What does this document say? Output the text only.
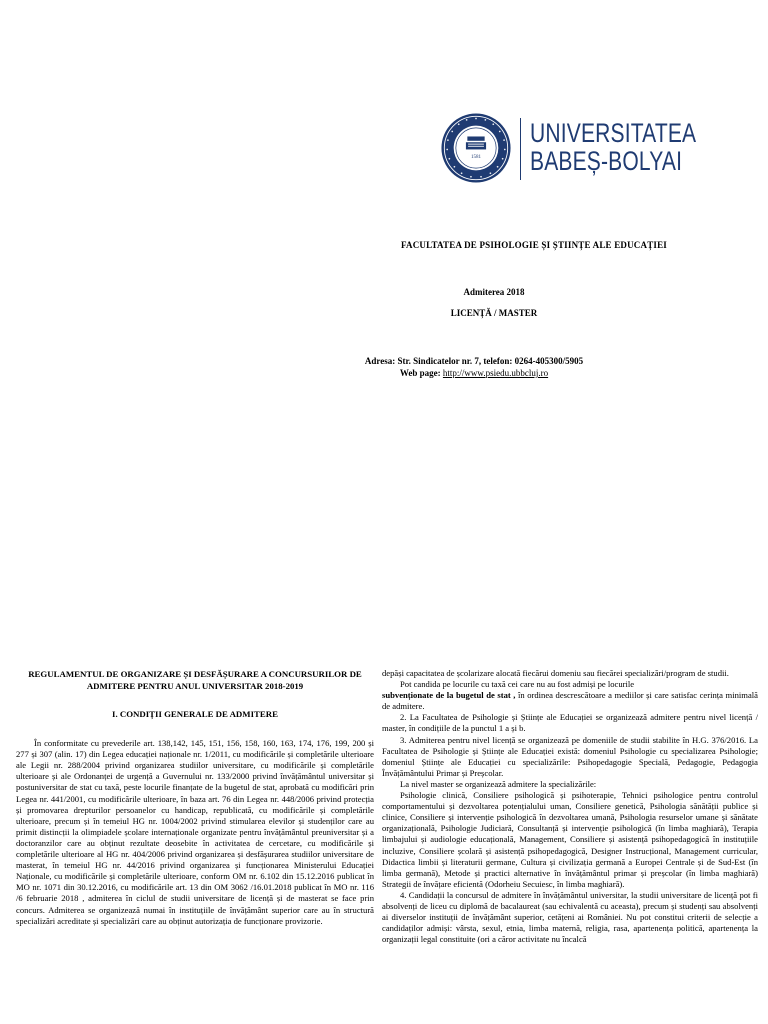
1581
UNIVERSITATEA
BABEȘ-BOLYAI
FACULTATEA DE PSIHOLOGIE ȘI ȘTIINȚE ALE EDUCAȚIEI
Admiterea 2018
LICENȚĂ / MASTER
Adresa: Str. Sindicatelor nr. 7, telefon: 0264-405300/5905
Web page: http://www.psiedu.ubbcluj.ro
REGULAMENTUL DE ORGANIZARE ȘI DESFĂȘURARE A CONCURSURILOR DE ADMITERE PENTRU ANUL UNIVERSITAR 2018-2019
I. CONDIȚII GENERALE DE ADMITERE

În conformitate cu prevederile art. 138,142, 145, 151, 156, 158, 160, 163, 174, 176, 199, 200 și 277 și 307 (alin. 17) din Legea educației naționale nr. 1/2011, cu modificările și completările ulterioare ale Legii nr. 288/2004 privind organizarea studiilor universitare, cu modificările și completările ulterioare și ale Ordonanței de urgență a Guvernului nr. 133/2000 privind învățământul universitar și postuniversitar de stat cu taxă, peste locurile finanțate de la bugetul de stat, aprobată cu modificări prin Legea nr. 441/2001, cu modificările ulterioare, în baza art. 76 din Legea nr. 448/2006 privind protecția și promovarea drepturilor persoanelor cu handicap, republicată, cu modificările și completările ulterioare, precum și în temeiul HG nr. 1004/2002 privind stimularea elevilor și studenților care au primit distincții la olimpiadele școlare internaționale organizate pentru învățământul preuniversitar și a doctoranzilor care au obținut rezultate deosebite în activitatea de cercetare, cu modificările și completările ulterioare al HG nr. 404/2006 privind organizarea și desfășurarea studiilor universitare de masterat, în temeiul HG nr. 44/2016 privind organizarea și funcționarea Ministerului Educației Naționale, cu modificările și completările ulterioare, conform OM nr. 6.102 din 15.12.2016 publicat în MO nr. 1071 din 30.12.2016, cu modificările art. 13 din OM 3062 /16.01.2018 publicat în MO nr. 116 /6 februarie 2018 , admiterea în ciclul de studii universitare de licență și de masterat se face prin concurs. Admiterea se organizează numai în instituțiile de învățământ superior care au în structură specializări acreditate și specializări care au obținut autorizația de funcționare provizorie.

depăși capacitatea de școlarizare alocată fiecărui domeniu sau fiecărei specializări/program de studii.

Pot candida pe locurile cu taxă cei care nu au fost admiși pe locurile
subvenționate de la bugetul de stat , în ordinea descrescătoare a mediilor și care satisfac cerința minimală de admitere.

2. La Facultatea de Psihologie și Științe ale Educației se organizează admitere pentru nivel licență / master, în condițiile de la punctul 1 a și b.

3. Admiterea pentru nivel licență se organizează pe domeniile de studii stabilite în H.G. 376/2016. La Facultatea de Psihologie și Științe ale Educației există: domeniul Psihologie cu specializarea Psihologie; domeniul Științe ale Educației cu specializările: Psihopedagogie Specială, Pedagogie, Pedagogia Învățământului Primar și Preșcolar.

La nivel master se organizează admitere la specializările:

Psihologie clinică, Consiliere psihologică și psihoterapie, Tehnici psihologice pentru controlul comportamentului și dezvoltarea potențialului uman, Consiliere genetică, Psihologia sănătății publice și clinice, Consiliere și intervenție psihologică în dezvoltarea umană, Psihologia resurselor umane și sănătate organizațională, Psihologie Judiciară, Consultanță și intervenție psihologică (în limba maghiară), Terapia limbajului și audiologie educațională, Management, Consiliere și asistență psihopedagogică în instituțiile incluzive, Consiliere școlară și asistență psihopedagogică, Designer Instrucțional, Management curricular, Didactica limbii și literaturii germane, Cultura și civilizația germană a Europei Centrale și de Sud-Est (în limba germană), Metode și practici alternative în învățământul primar și preșcolar (în limba maghiară) Strategii de învățare eficientă (Odorheiu Secuiesc, în limba maghiară).

4. Candidații la concursul de admitere în învățământul universitar, la studii universitare de licență pot fi absolvenți de liceu cu diplomă de bacalaureat (sau echivalentă cu aceasta), precum și studenți sau absolvenți ai diverselor instituții de învățământ superior, cetățeni ai României. Nu pot constitui criterii de selecție a candidaților admiși: vârsta, sexul, etnia, limba maternă, religia, rasa, apartenența politică, apartenența la organizații legal constituite (ori a căror activitate nu încalcă
